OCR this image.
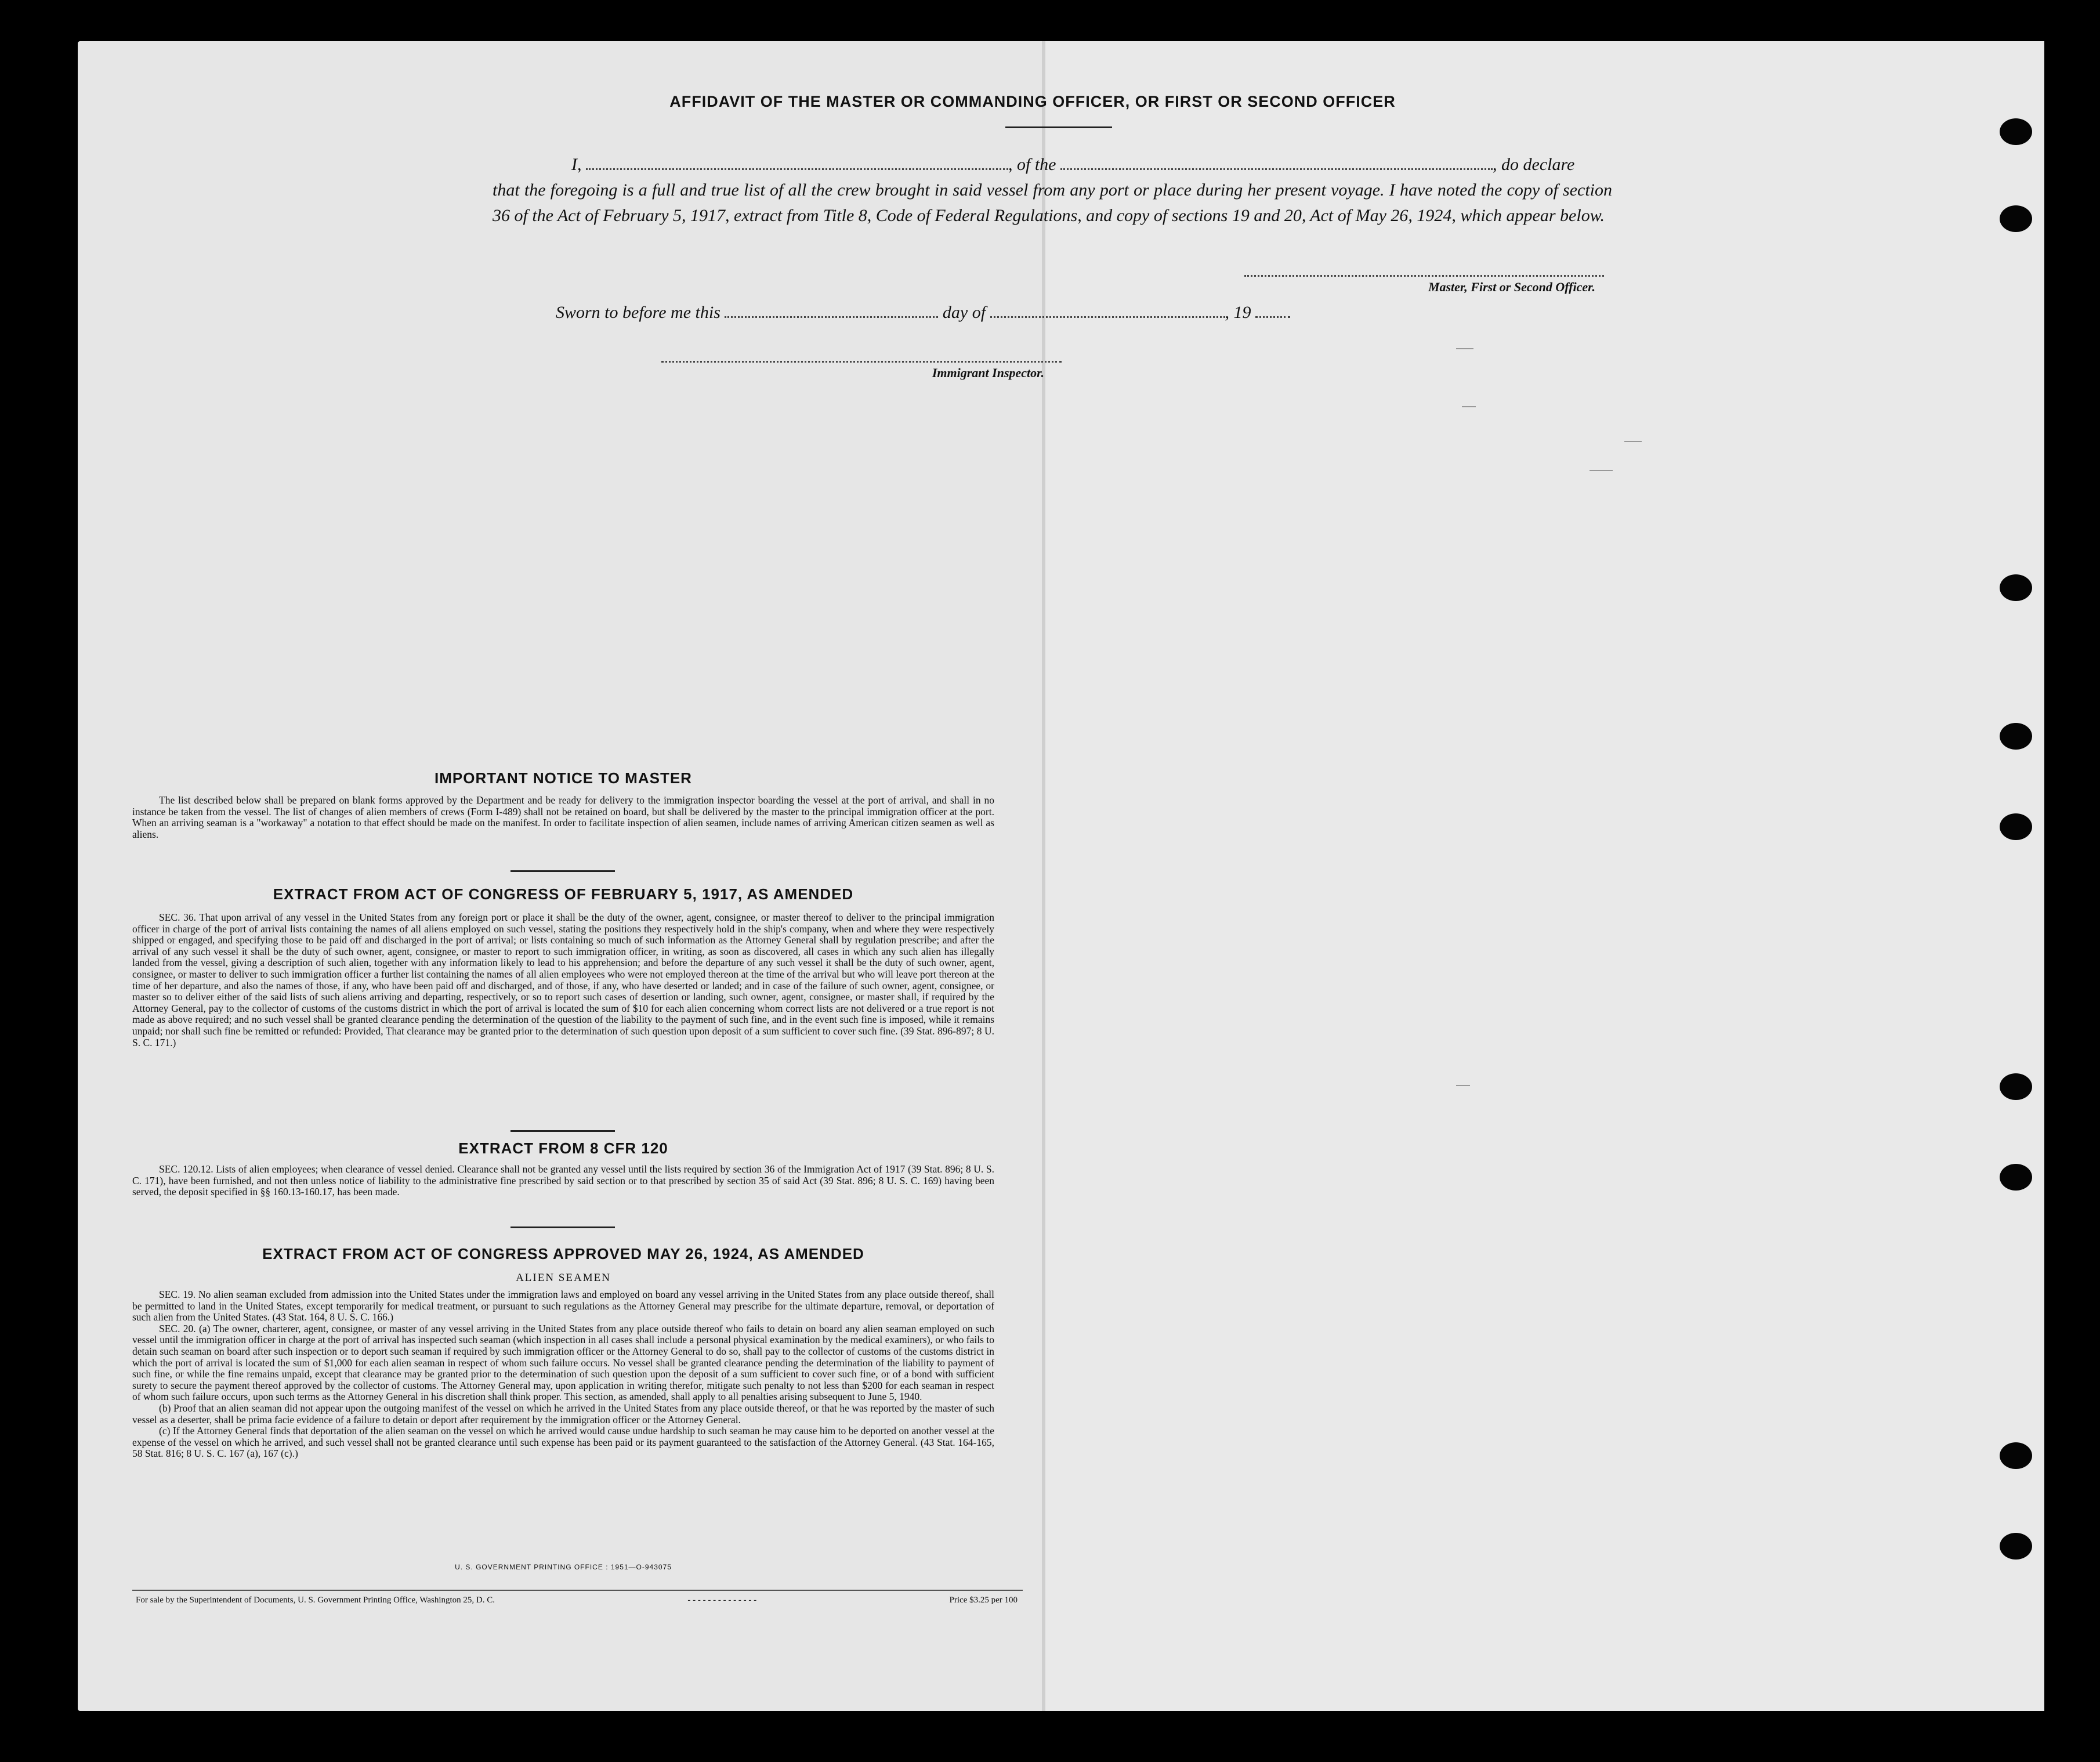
AFFIDAVIT OF THE MASTER OR COMMANDING OFFICER, OR FIRST OR SECOND OFFICER
I,	, of the	, do declare
that the foregoing is a full and true list of all the crew brought in said vessel from any port or place during her present voyage. I have noted the copy of section 36 of the Act of February 5, 1917, extract from Title 8, Code of Federal Regulations, and copy of sections 19 and 20, Act of May 26, 1924, which appear below.
Master, First or Second Officer.
Sworn to before me this	day of	, 19
Immigrant Inspector.
IMPORTANT NOTICE TO MASTER

The list described below shall be prepared on blank forms approved by the Department and be ready for delivery to the immigration inspector boarding the vessel at the port of arrival, and shall in no instance be taken from the vessel. The list of changes of alien members of crews (Form I-489) shall not be retained on board, but shall be delivered by the master to the principal immigration officer at the port. When an arriving seaman is a "workaway" a notation to that effect should be made on the manifest. In order to facilitate inspection of alien seamen, include names of arriving American citizen seamen as well as aliens.

EXTRACT FROM ACT OF CONGRESS OF FEBRUARY 5, 1917, AS AMENDED

SEC. 36. That upon arrival of any vessel in the United States from any foreign port or place it shall be the duty of the owner, agent, consignee, or master thereof to deliver to the principal immigration officer in charge of the port of arrival lists containing the names of all aliens employed on such vessel, stating the positions they respectively hold in the ship's company, when and where they were respectively shipped or engaged, and specifying those to be paid off and discharged in the port of arrival; or lists containing so much of such information as the Attorney General shall by regulation prescribe; and after the arrival of any such vessel it shall be the duty of such owner, agent, consignee, or master to report to such immigration officer, in writing, as soon as discovered, all cases in which any such alien has illegally landed from the vessel, giving a description of such alien, together with any information likely to lead to his apprehension; and before the departure of any such vessel it shall be the duty of such owner, agent, consignee, or master to deliver to such immigration officer a further list containing the names of all alien employees who were not employed thereon at the time of the arrival but who will leave port thereon at the time of her departure, and also the names of those, if any, who have been paid off and discharged, and of those, if any, who have deserted or landed; and in case of the failure of such owner, agent, consignee, or master so to deliver either of the said lists of such aliens arriving and departing, respectively, or so to report such cases of desertion or landing, such owner, agent, consignee, or master shall, if required by the Attorney General, pay to the collector of customs of the customs district in which the port of arrival is located the sum of $10 for each alien concerning whom correct lists are not delivered or a true report is not made as above required; and no such vessel shall be granted clearance pending the determination of the question of the liability to the payment of such fine, and in the event such fine is imposed, while it remains unpaid; nor shall such fine be remitted or refunded: Provided, That clearance may be granted prior to the determination of such question upon deposit of a sum sufficient to cover such fine. (39 Stat. 896-897; 8 U. S. C. 171.)

EXTRACT FROM 8 CFR 120

SEC. 120.12. Lists of alien employees; when clearance of vessel denied. Clearance shall not be granted any vessel until the lists required by section 36 of the Immigration Act of 1917 (39 Stat. 896; 8 U. S. C. 171), have been furnished, and not then unless notice of liability to the administrative fine prescribed by said section or to that prescribed by section 35 of said Act (39 Stat. 896; 8 U. S. C. 169) having been served, the deposit specified in §§ 160.13-160.17, has been made.

EXTRACT FROM ACT OF CONGRESS APPROVED MAY 26, 1924, AS AMENDED
ALIEN SEAMEN

SEC. 19. No alien seaman excluded from admission into the United States under the immigration laws and employed on board any vessel arriving in the United States from any place outside thereof, shall be permitted to land in the United States, except temporarily for medical treatment, or pursuant to such regulations as the Attorney General may prescribe for the ultimate departure, removal, or deportation of such alien from the United States. (43 Stat. 164, 8 U. S. C. 166.)

SEC. 20. (a) The owner, charterer, agent, consignee, or master of any vessel arriving in the United States from any place outside thereof who fails to detain on board any alien seaman employed on such vessel until the immigration officer in charge at the port of arrival has inspected such seaman (which inspection in all cases shall include a personal physical examination by the medical examiners), or who fails to detain such seaman on board after such inspection or to deport such seaman if required by such immigration officer or the Attorney General to do so, shall pay to the collector of customs of the customs district in which the port of arrival is located the sum of $1,000 for each alien seaman in respect of whom such failure occurs. No vessel shall be granted clearance pending the determination of the liability to payment of such fine, or while the fine remains unpaid, except that clearance may be granted prior to the determination of such question upon the deposit of a sum sufficient to cover such fine, or of a bond with sufficient surety to secure the payment thereof approved by the collector of customs. The Attorney General may, upon application in writing therefor, mitigate such penalty to not less than $200 for each seaman in respect of whom such failure occurs, upon such terms as the Attorney General in his discretion shall think proper. This section, as amended, shall apply to all penalties arising subsequent to June 5, 1940.

(b) Proof that an alien seaman did not appear upon the outgoing manifest of the vessel on which he arrived in the United States from any place outside thereof, or that he was reported by the master of such vessel as a deserter, shall be prima facie evidence of a failure to detain or deport after requirement by the immigration officer or the Attorney General.

(c) If the Attorney General finds that deportation of the alien seaman on the vessel on which he arrived would cause undue hardship to such seaman he may cause him to be deported on another vessel at the expense of the vessel on which he arrived, and such vessel shall not be granted clearance until such expense has been paid or its payment guaranteed to the satisfaction of the Attorney General. (43 Stat. 164-165, 58 Stat. 816; 8 U. S. C. 167 (a), 167 (c).)

U. S. GOVERNMENT PRINTING OFFICE : 1951—O-943075
For sale by the Superintendent of Documents, U. S. Government Printing Office, Washington 25, D. C.	- - - - - - - - - - - - - -	Price $3.25 per 100
